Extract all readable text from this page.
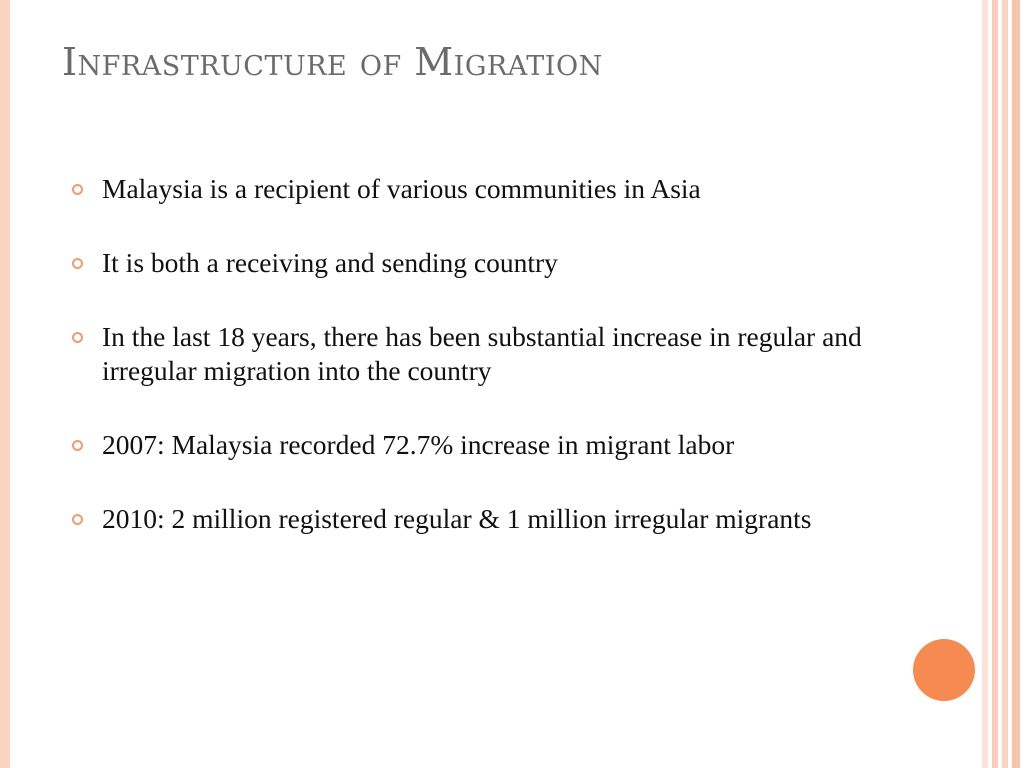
Infrastructure of Migration
Malaysia is a recipient of various communities in Asia
It is both a receiving and sending country
In the last 18 years, there has been substantial increase in regular and irregular migration into the country
2007: Malaysia recorded 72.7% increase in migrant labor
2010: 2 million registered regular & 1 million irregular migrants
